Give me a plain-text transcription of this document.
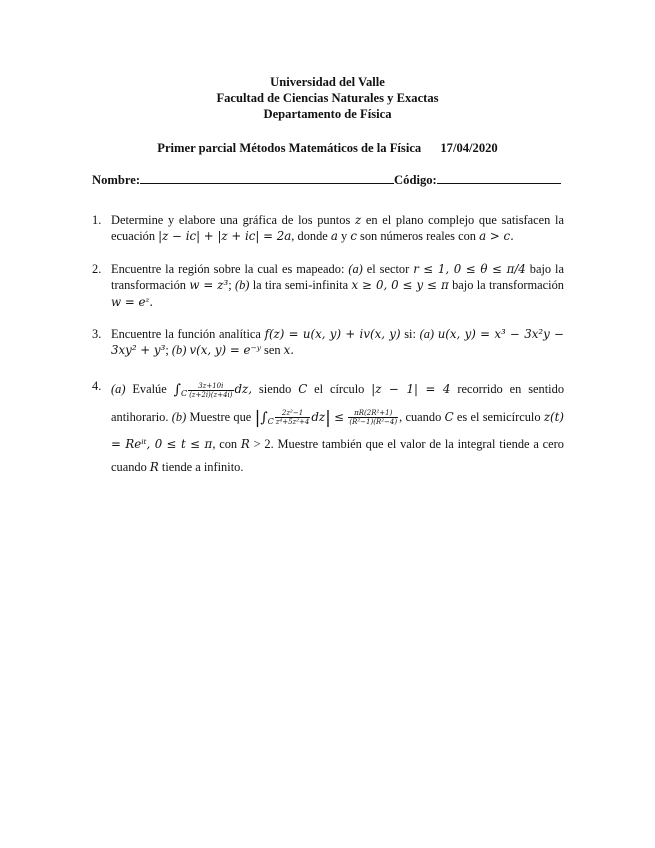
Universidad del Valle
Facultad de Ciencias Naturales y Exactas
Departamento de Física
Primer parcial Métodos Matemáticos de la Física 17/04/2020
Nombre:	Código:
1. Determine y elabore una gráfica de los puntos z en el plano complejo que satisfacen la ecuación |z − ic| + |z + ic| = 2a, donde a y c son números reales con a > c.
2. Encuentre la región sobre la cual es mapeado: (a) el sector r ≤ 1, 0 ≤ θ ≤ π/4 bajo la transformación w = z³; (b) la tira semi-infinita x ≥ 0, 0 ≤ y ≤ π bajo la transformación w = eᶻ.
3. Encuentre la función analítica f(z) = u(x, y) + iv(x, y) si: (a) u(x, y) = x³ − 3x²y − 3xy² + y³; (b) v(x, y) = e⁻ʸ sen x.
4. (a) Evalúe $\int_C \frac{3z+10i}{(z+2i)(z+4i)}$ dz, siendo C el círculo |z − 1| = 4 recorrido en sentido antihorario. (b) Muestre que $|\int_C \frac{\text{2z²−1}}{\text{z⁴+5z²+4}} dz| \le \frac{\text{πR(2R²+1)}}{\text{(R²−1)(R²−4)}}$ , cuando C es el semicírculo z(t) = Reⁱᵗ, 0 ≤ t ≤ π, con R > 2. Muestre también que el valor de la integral tiende a cero cuando R tiende a infinito.
